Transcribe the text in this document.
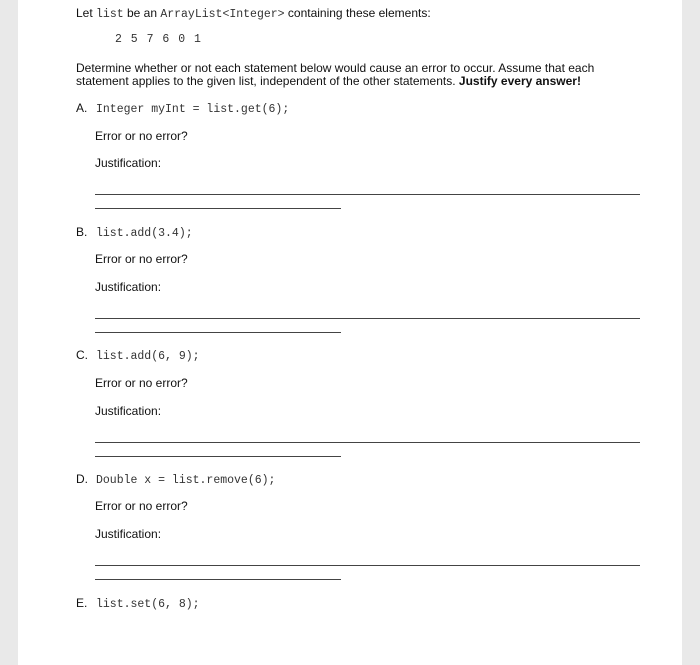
Let list be an ArrayList<Integer> containing these elements:
2 5 7 6 0 1
Determine whether or not each statement below would cause an error to occur. Assume that each
statement applies to the given list, independent of the other statements. Justify every answer!
A. Integer myInt = list.get(6);
Error or no error?
Justification:
B. list.add(3.4);
Error or no error?
Justification:
C. list.add(6, 9);
Error or no error?
Justification:
D. Double x = list.remove(6);
Error or no error?
Justification:
E. list.set(6, 8);
